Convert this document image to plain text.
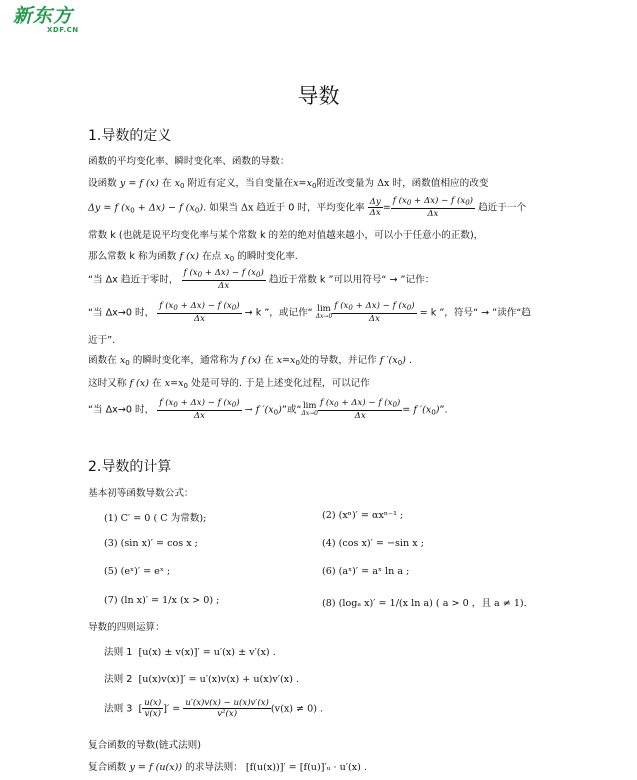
新东方
XDF.CN
导数
1.导数的定义
函数的平均变化率、瞬时变化率、函数的导数：
设函数 y = f (x) 在 $x_0$ 附近有定义，当自变量在$x=x_0$附近改变量为 Δx 时，函数值相应的改变
Δy = f $(x_0 + \Delta x) - f$ $(x_0)$. 如果当 Δx 趋近于 0 时，平均变化率 $\frac{\Delta y}{\Delta x} = \frac{f (x_0 + \Delta x) - f (x_0)}{\Delta x}$ 趋近于一个
常数 k (也就是说平均变化率与某个常数 k 的差的绝对值越来越小，可以小于任意小的正数)，
那么常数 k 称为函数 f (x) 在点 $x_0$ 的瞬时变化率.
“当 Δx 趋近于零时， $\frac{f (x_0 + \Delta x) - f (x_0)}{\Delta x}$ 趋近于常数 k ”可以用符号“ → ”记作：
“当 Δx→0 时， $\frac{f (x_0 + \Delta x) - f (x_0)}{\Delta x} \to k$ ”，或记作“ lim
$\Delta x\to 0 \frac{f (x_0 + \Delta x) - f (x_0)}{\Delta x} = k$ ”，符号“ → ”读作“趋
近于”.
函数在 $x_0$ 的瞬时变化率，通常称为 f (x) 在 $x=x_0$处的导数，并记作 f $'(x_0)$ .
这时又称 f (x) 在 $x=x_0$ 处是可导的. 于是上述变化过程，可以记作
“当 Δx→0 时， $\frac{f (x_0 + \Delta x) - f (x_0)}{\Delta x} \to f$ $'(x_0)$”或“ lim
$\Delta x\to 0 \frac{f (x_0 + \Delta x) - f (x_0)}{\Delta x} = f$ $'(x_0)$”.
2.导数的计算
基本初等函数导数公式：
(1) C′ = 0 ( C 为常数);	(2) (xⁿ)′ = αxⁿ⁻¹ ;
(3) (sin x)′ = cos x ;	(4) (cos x)′ = −sin x ;
(5) (eˣ)′ = eˣ ;	(6) (aˣ)′ = aˣ ln a ;
(7) (ln x)′ = 1/x (x > 0) ;	(8) (logₐ x)′ = 1/(x ln a) ( a > 0 ，且 a ≠ 1).
导数的四则运算：
法则 1 [u(x) ± v(x)]′ = u′(x) ± v′(x) .
法则 2 [u(x)v(x)]′ = u′(x)v(x) + u(x)v′(x) .
法则 3 [ $\frac{u(x)}{v(x)}$ ]′ = $\frac{u'(x)v(x) - u(x)v'(x)}{\text{v²(x)}} (v(x) \ne 0)$ .
复合函数的导数(链式法则)
复合函数 y = f (u(x)) 的求导法则： [f(u(x))]′ = [f(u)]′ᵤ · u′(x) .
